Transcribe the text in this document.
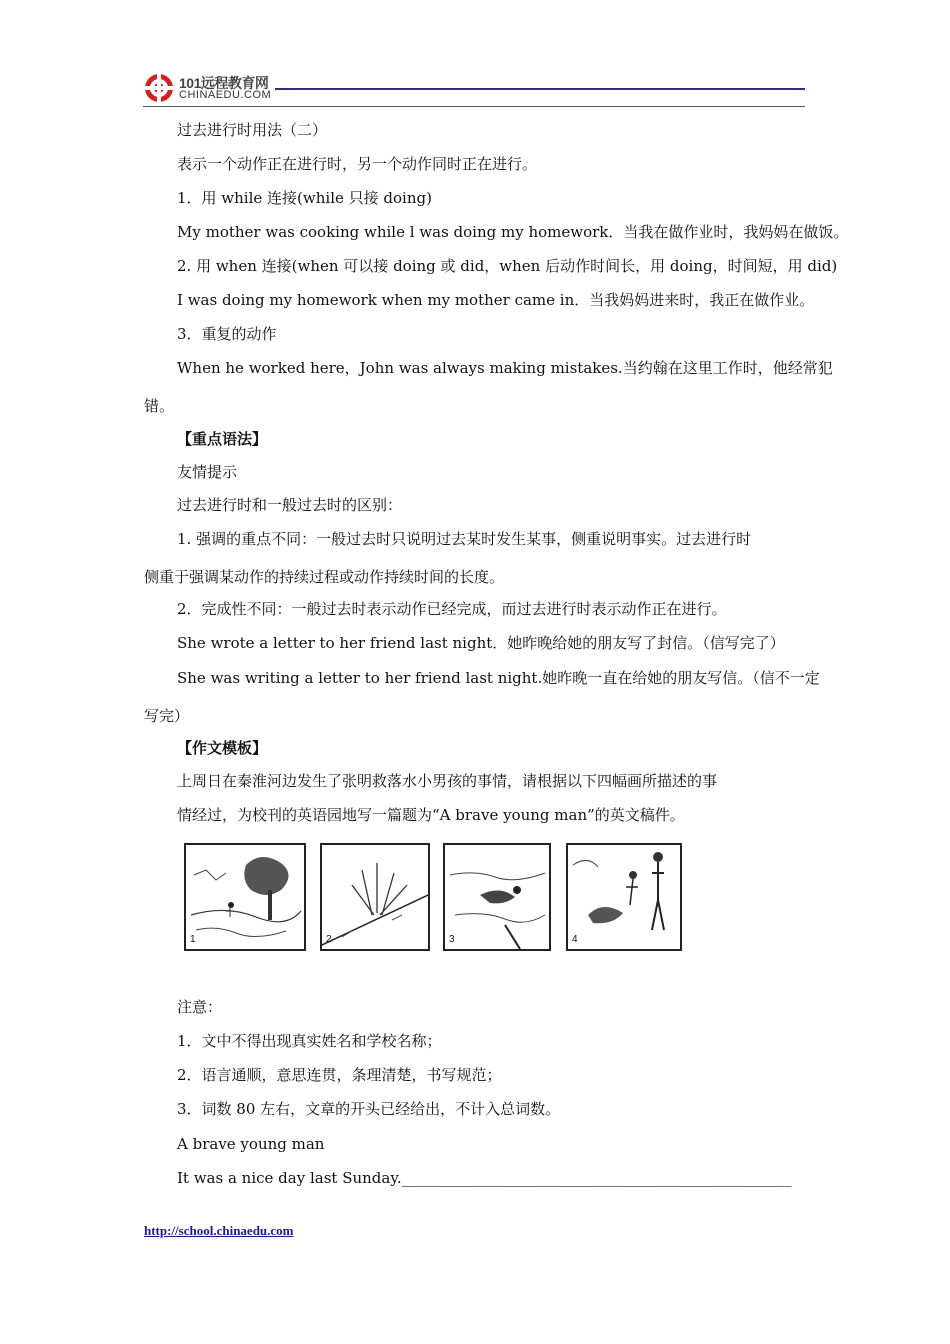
101远程教育网
CHINAEDU.COM
过去进行时用法（二）
表示一个动作正在进行时，另一个动作同时正在进行。
1．用 while 连接(while 只接 doing)
My mother was cooking while l was doing my homework．当我在做作业时，我妈妈在做饭。
2. 用 when 连接(when 可以接 doing 或 did，when 后动作时间长，用 doing，时间短，用 did)
I was doing my homework when my mother came in．当我妈妈进来时，我正在做作业。
3．重复的动作
When he worked here，John was always making mistakes.当约翰在这里工作时，他经常犯
错。
【重点语法】
友情提示
过去进行时和一般过去时的区别：
1. 强调的重点不同：一般过去时只说明过去某时发生某事，侧重说明事实。过去进行时
侧重于强调某动作的持续过程或动作持续时间的长度。
2．完成性不同：一般过去时表示动作已经完成，而过去进行时表示动作正在进行。
She wrote a letter to her friend last night．她昨晚给她的朋友写了封信。（信写完了）
She was writing a letter to her friend last night.她昨晚一直在给她的朋友写信。（信不一定
写完）
【作文模板】
上周日在秦淮河边发生了张明救落水小男孩的事情，请根据以下四幅画所描述的事
情经过，为校刊的英语园地写一篇题为“A brave young man”的英文稿件。
1	2	3	4
注意：
1．文中不得出现真实姓名和学校名称；
2．语言通顺，意思连贯，条理清楚，书写规范；
3．词数 80 左右，文章的开头已经给出，不计入总词数。
A brave young man
It was a nice day last Sunday.____________________________________________________
http://school.chinaedu.com
